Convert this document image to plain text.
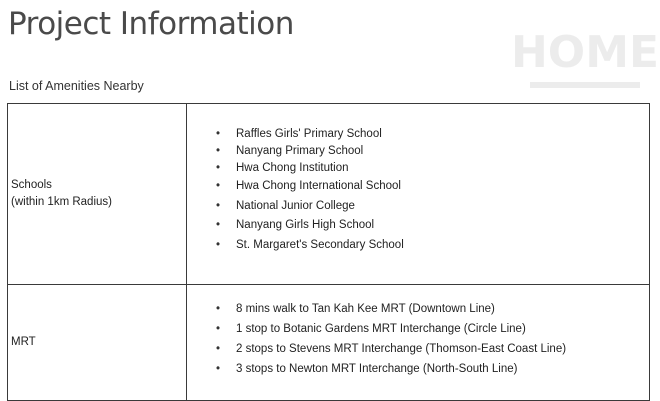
Project Information
HOME
List of Amenities Nearby
Schools
(within 1km Radius)
•	Raffles Girls' Primary School
•	Nanyang Primary School
•	Hwa Chong Institution
•	Hwa Chong International School
•	National Junior College
•	Nanyang Girls High School
•	St. Margaret's Secondary School
MRT
•	8 mins walk to Tan Kah Kee MRT (Downtown Line)
•	1 stop to Botanic Gardens MRT Interchange (Circle Line)
•	2 stops to Stevens MRT Interchange (Thomson-East Coast Line)
•	3 stops to Newton MRT Interchange (North-South Line)
